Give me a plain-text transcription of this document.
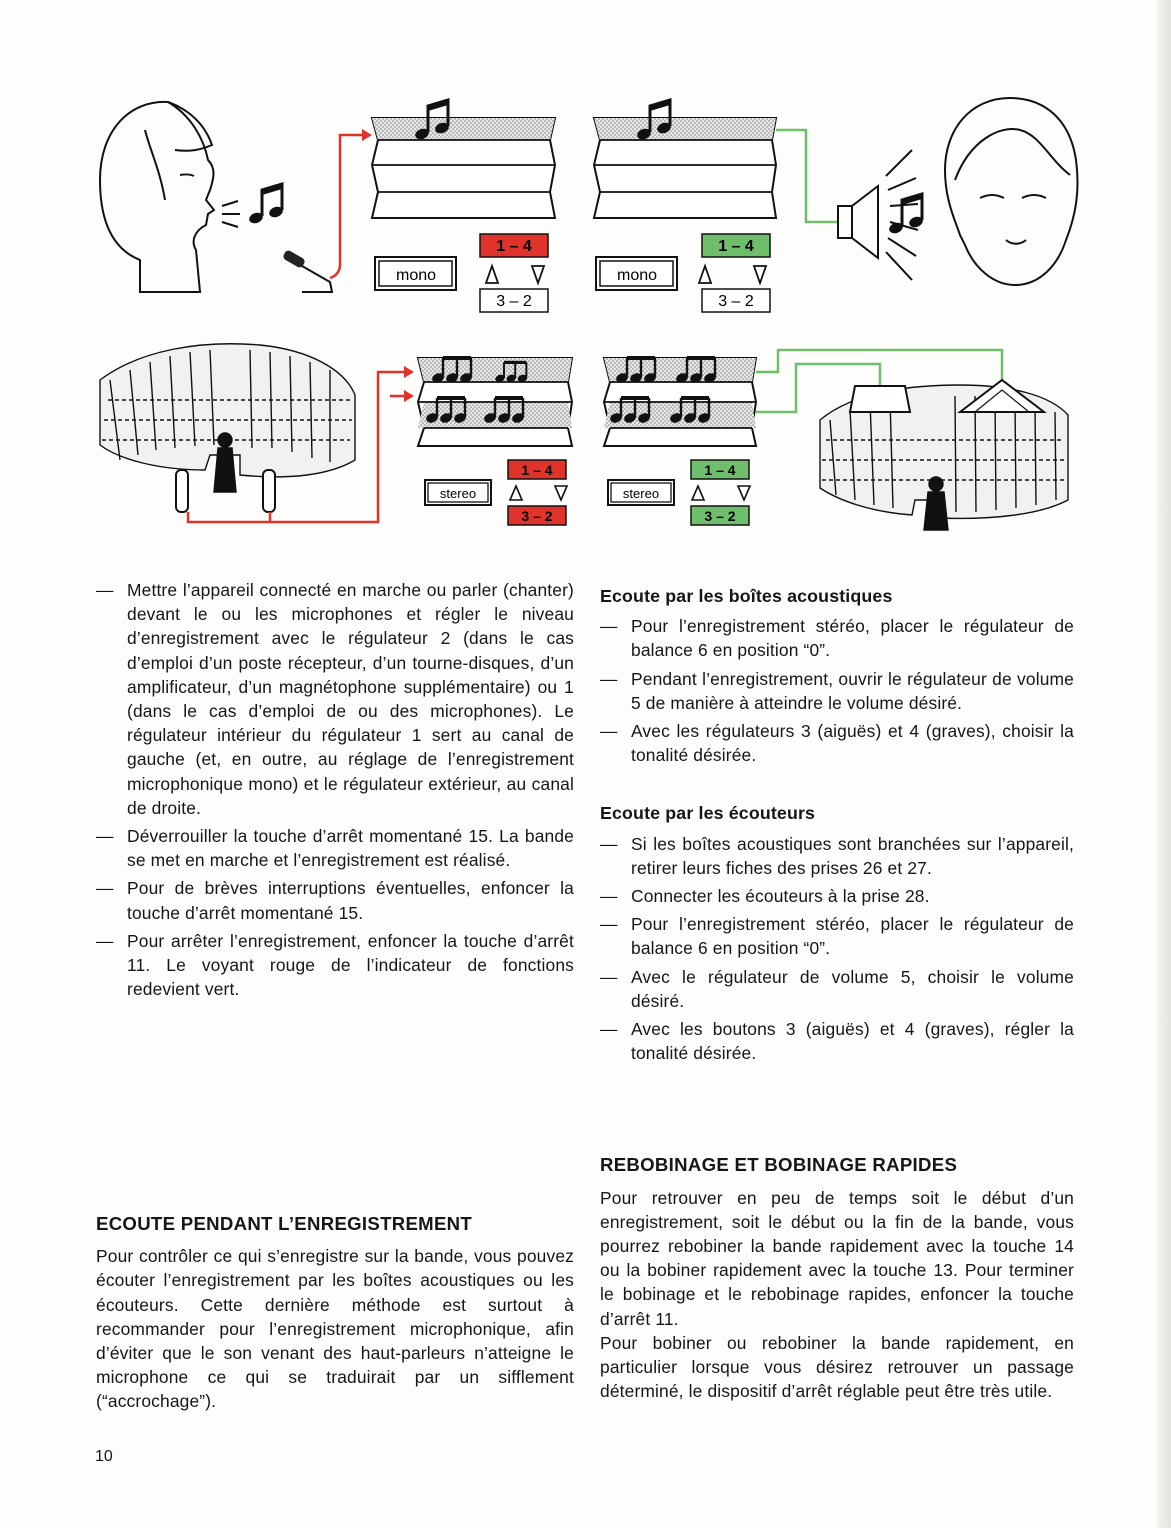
mono
1 – 4
3 – 2
mono
1 – 4
3 – 2
stereo
1 – 4
3 – 2
stereo
1 – 4
3 – 2
— Mettre l’appareil connecté en marche ou parler (chanter) devant le ou les microphones et régler le niveau d’enregistrement avec le régulateur 2 (dans le cas d’emploi d’un poste récepteur, d’un tourne-disques, d’un amplificateur, d’un magnétophone supplémentaire) ou 1 (dans le cas d’emploi de ou des microphones). Le régulateur intérieur du régulateur 1 sert au canal de gauche (et, en outre, au réglage de l’enregistrement microphonique mono) et le régulateur extérieur, au canal de droite.
— Déverrouiller la touche d’arrêt momentané 15. La bande se met en marche et l’enregistrement est réalisé.
— Pour de brèves interruptions éventuelles, enfoncer la touche d’arrêt momentané 15.
— Pour arrêter l’enregistrement, enfoncer la touche d’arrêt 11. Le voyant rouge de l’indicateur de fonctions redevient vert.
ECOUTE PENDANT L’ENREGISTREMENT

Pour contrôler ce qui s’enregistre sur la bande, vous pouvez écouter l’enregistrement par les boîtes acoustiques ou les écouteurs. Cette dernière méthode est surtout à recommander pour l’enregistrement microphonique, afin d’éviter que le son venant des haut-parleurs n’atteigne le microphone ce qui se traduirait par un sifflement (“accrochage”).

Ecoute par les boîtes acoustiques
— Pour l’enregistrement stéréo, placer le régulateur de balance 6 en position “0”.
— Pendant l’enregistrement, ouvrir le régulateur de volume 5 de manière à atteindre le volume désiré.
— Avec les régulateurs 3 (aiguës) et 4 (graves), choisir la tonalité désirée.
Ecoute par les écouteurs
— Si les boîtes acoustiques sont branchées sur l’appareil, retirer leurs fiches des prises 26 et 27.
— Connecter les écouteurs à la prise 28.
— Pour l’enregistrement stéréo, placer le régulateur de balance 6 en position “0”.
— Avec le régulateur de volume 5, choisir le volume désiré.
— Avec les boutons 3 (aiguës) et 4 (graves), régler la tonalité désirée.
REBOBINAGE ET BOBINAGE RAPIDES

Pour retrouver en peu de temps soit le début d’un enregistrement, soit le début ou la fin de la bande, vous pourrez rebobiner la bande rapidement avec la touche 14 ou la bobiner rapidement avec la touche 13. Pour terminer le bobinage et le rebobinage rapides, enfoncer la touche d’arrêt 11.

Pour bobiner ou rebobiner la bande rapidement, en particulier lorsque vous désirez retrouver un passage déterminé, le dispositif d’arrêt réglable peut être très utile.

10
